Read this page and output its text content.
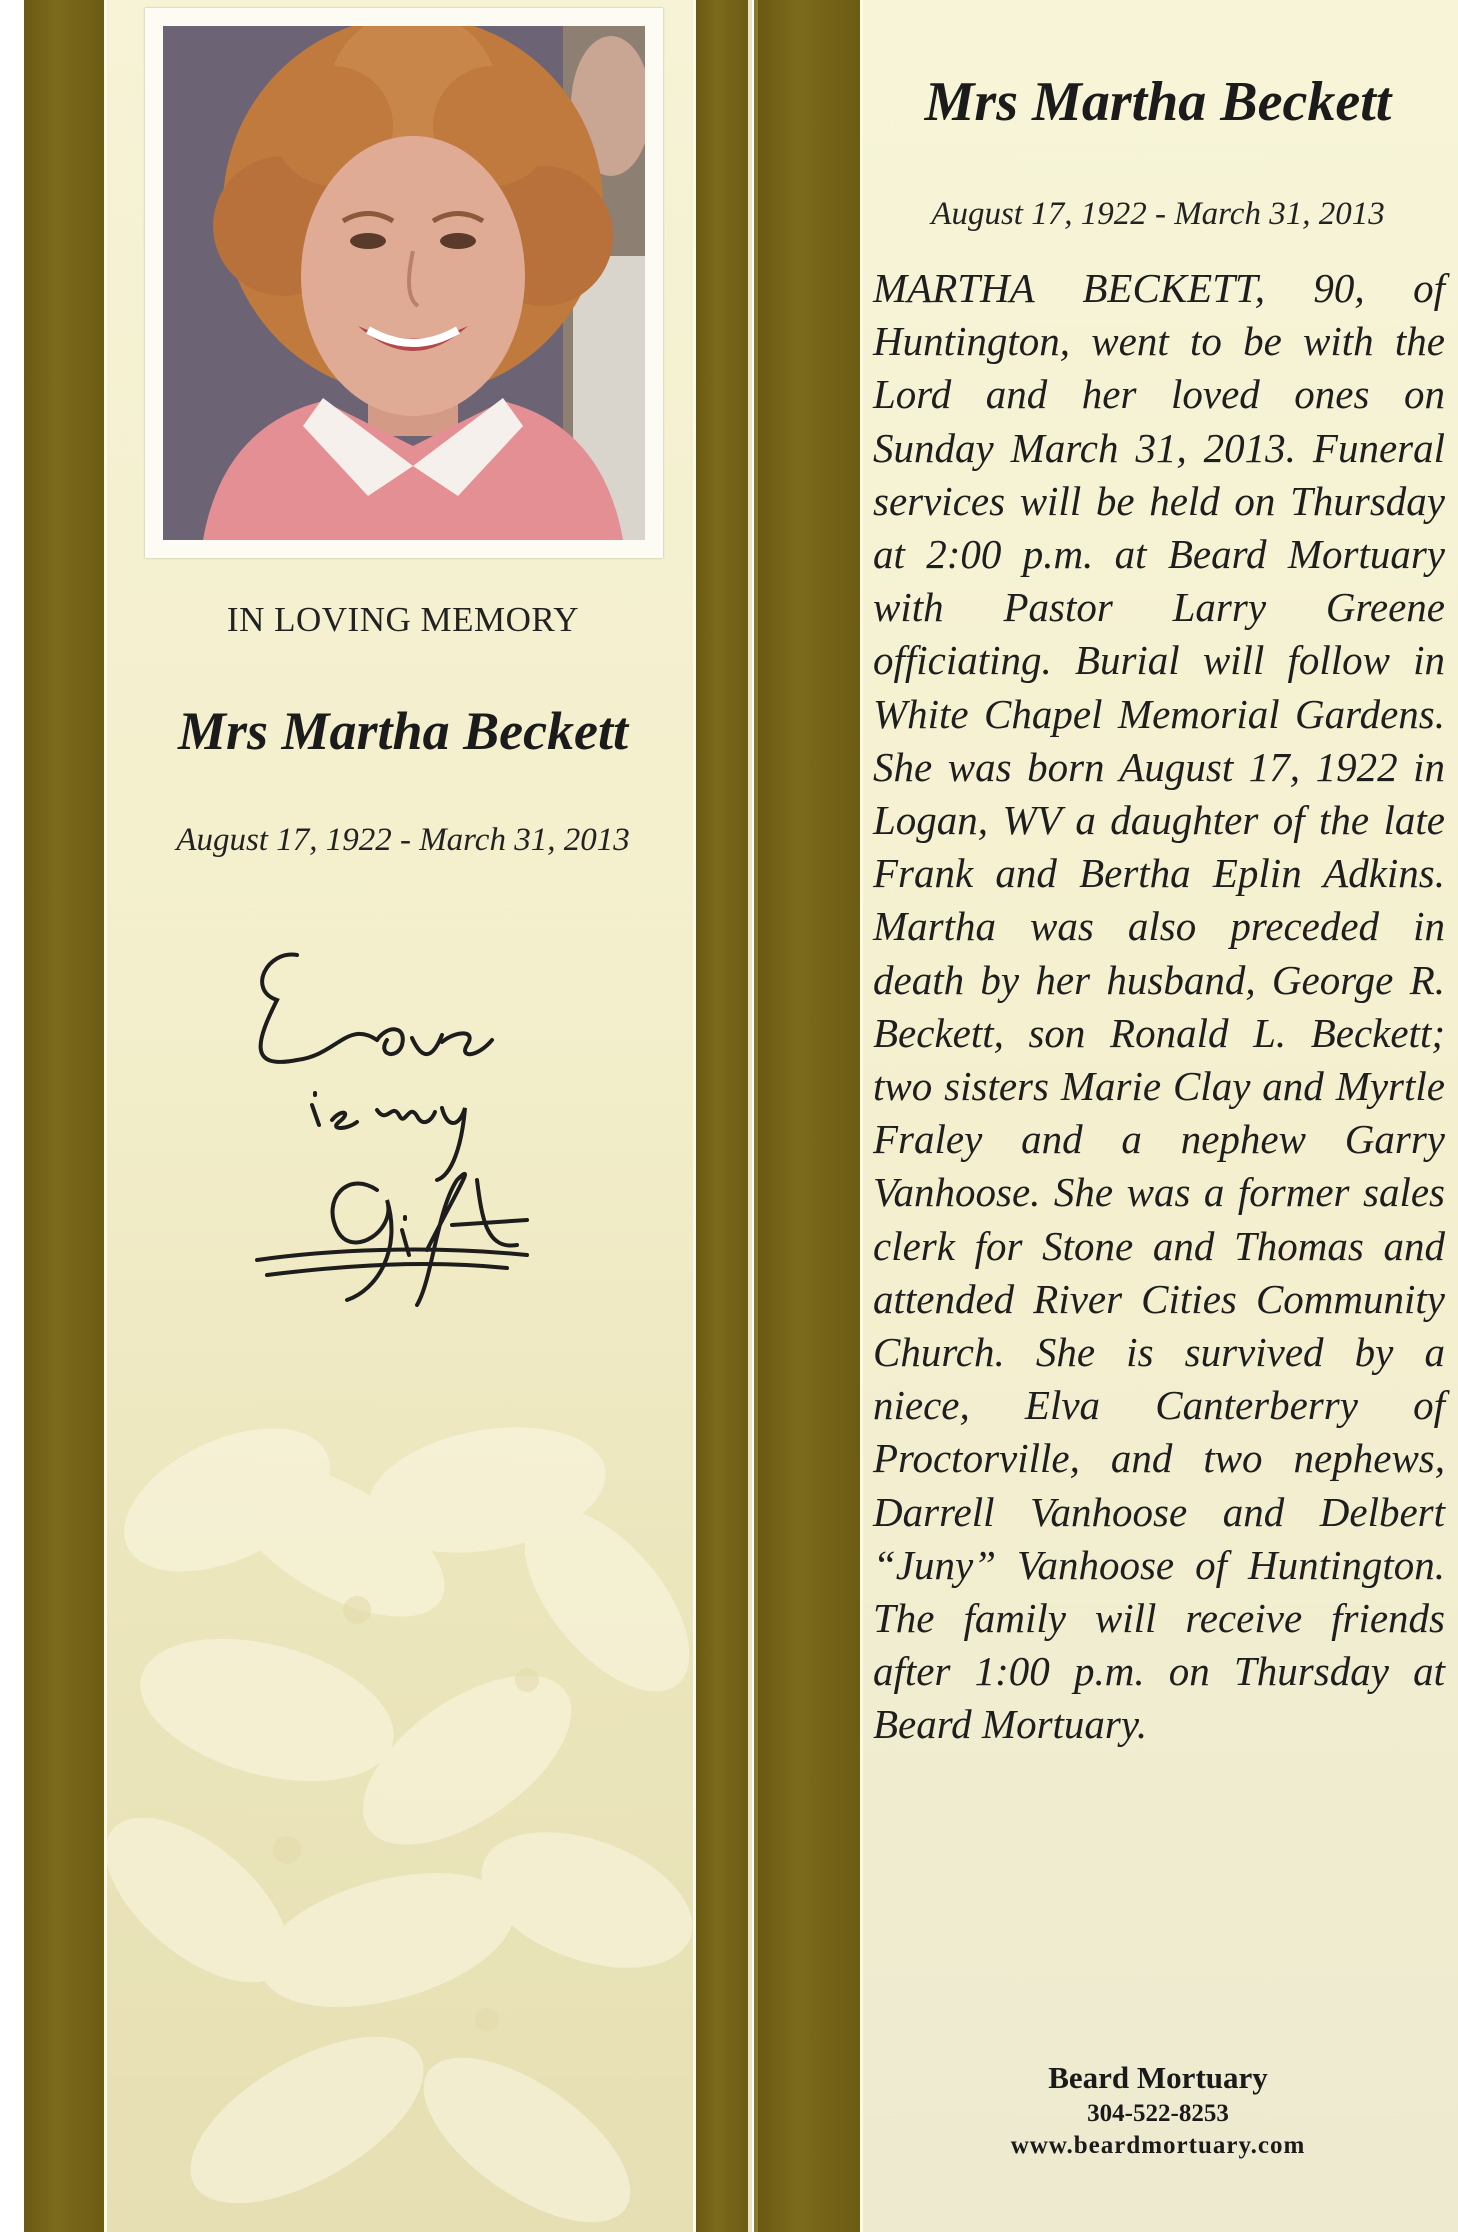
IN LOVING MEMORY
Mrs Martha Beckett
August 17, 1922 - March 31, 2013
Mrs Martha Beckett
August 17, 1922 - March 31, 2013

MARTHA BECKETT, 90, of Huntington, went to be with the Lord and her loved ones on Sunday March 31, 2013. Funeral services will be held on Thursday at 2:00 p.m. at Beard Mortuary with Pastor Larry Greene officiating. Burial will follow in White Chapel Memorial Gardens. She was born August 17, 1922 in Logan, WV a daughter of the late Frank and Bertha Eplin Adkins. Martha was also preceded in death by her husband, George R. Beckett, son Ronald L. Beckett; two sisters Marie Clay and Myrtle Fraley and a nephew Garry Vanhoose. She was a former sales clerk for Stone and Thomas and attended River Cities Community Church. She is survived by a niece, Elva Canterberry of Proctorville, and two nephews, Darrell Vanhoose and Delbert “Juny” Vanhoose of Huntington. The family will receive friends after 1:00 p.m. on Thursday at Beard Mortuary.

Beard Mortuary
304-522-8253
www.beardmortuary.com
